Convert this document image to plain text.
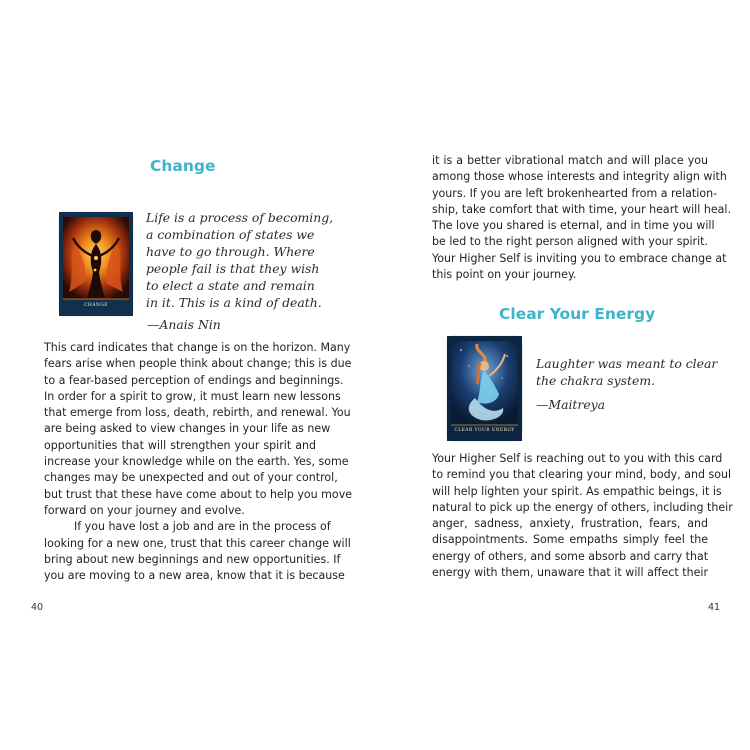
Change
CHANGE
Life is a process of becoming,
a combination of states we
have to go through. Where
people fail is that they wish
to elect a state and remain
in it. This is a kind of death.
—Anais Nin
This card indicates that change is on the horizon. Many
fears arise when people think about change; this is due
to a fear-based perception of endings and beginnings.
In order for a spirit to grow, it must learn new lessons
that emerge from loss, death, rebirth, and renewal. You
are being asked to view changes in your life as new
opportunities that will strengthen your spirit and
increase your knowledge while on the earth. Yes, some
changes may be unexpected and out of your control,
but trust that these have come about to help you move
forward on your journey and evolve.
If you have lost a job and are in the process of
looking for a new one, trust that this career change will
bring about new beginnings and new opportunities. If
you are moving to a new area, know that it is because
40
it is a better vibrational match and will place you
among those whose interests and integrity align with
yours. If you are left brokenhearted from a relation-
ship, take comfort that with time, your heart will heal.
The love you shared is eternal, and in time you will
be led to the right person aligned with your spirit.
Your Higher Self is inviting you to embrace change at
this point on your journey.
Clear Your Energy
CLEAR YOUR ENERGY
Laughter was meant to clear
the chakra system.
—Maitreya
Your Higher Self is reaching out to you with this card
to remind you that clearing your mind, body, and soul
will help lighten your spirit. As empathic beings, it is
natural to pick up the energy of others, including their
anger, sadness, anxiety, frustration, fears, and
disappointments. Some empaths simply feel the
energy of others, and some absorb and carry that
energy with them, unaware that it will affect their
41
